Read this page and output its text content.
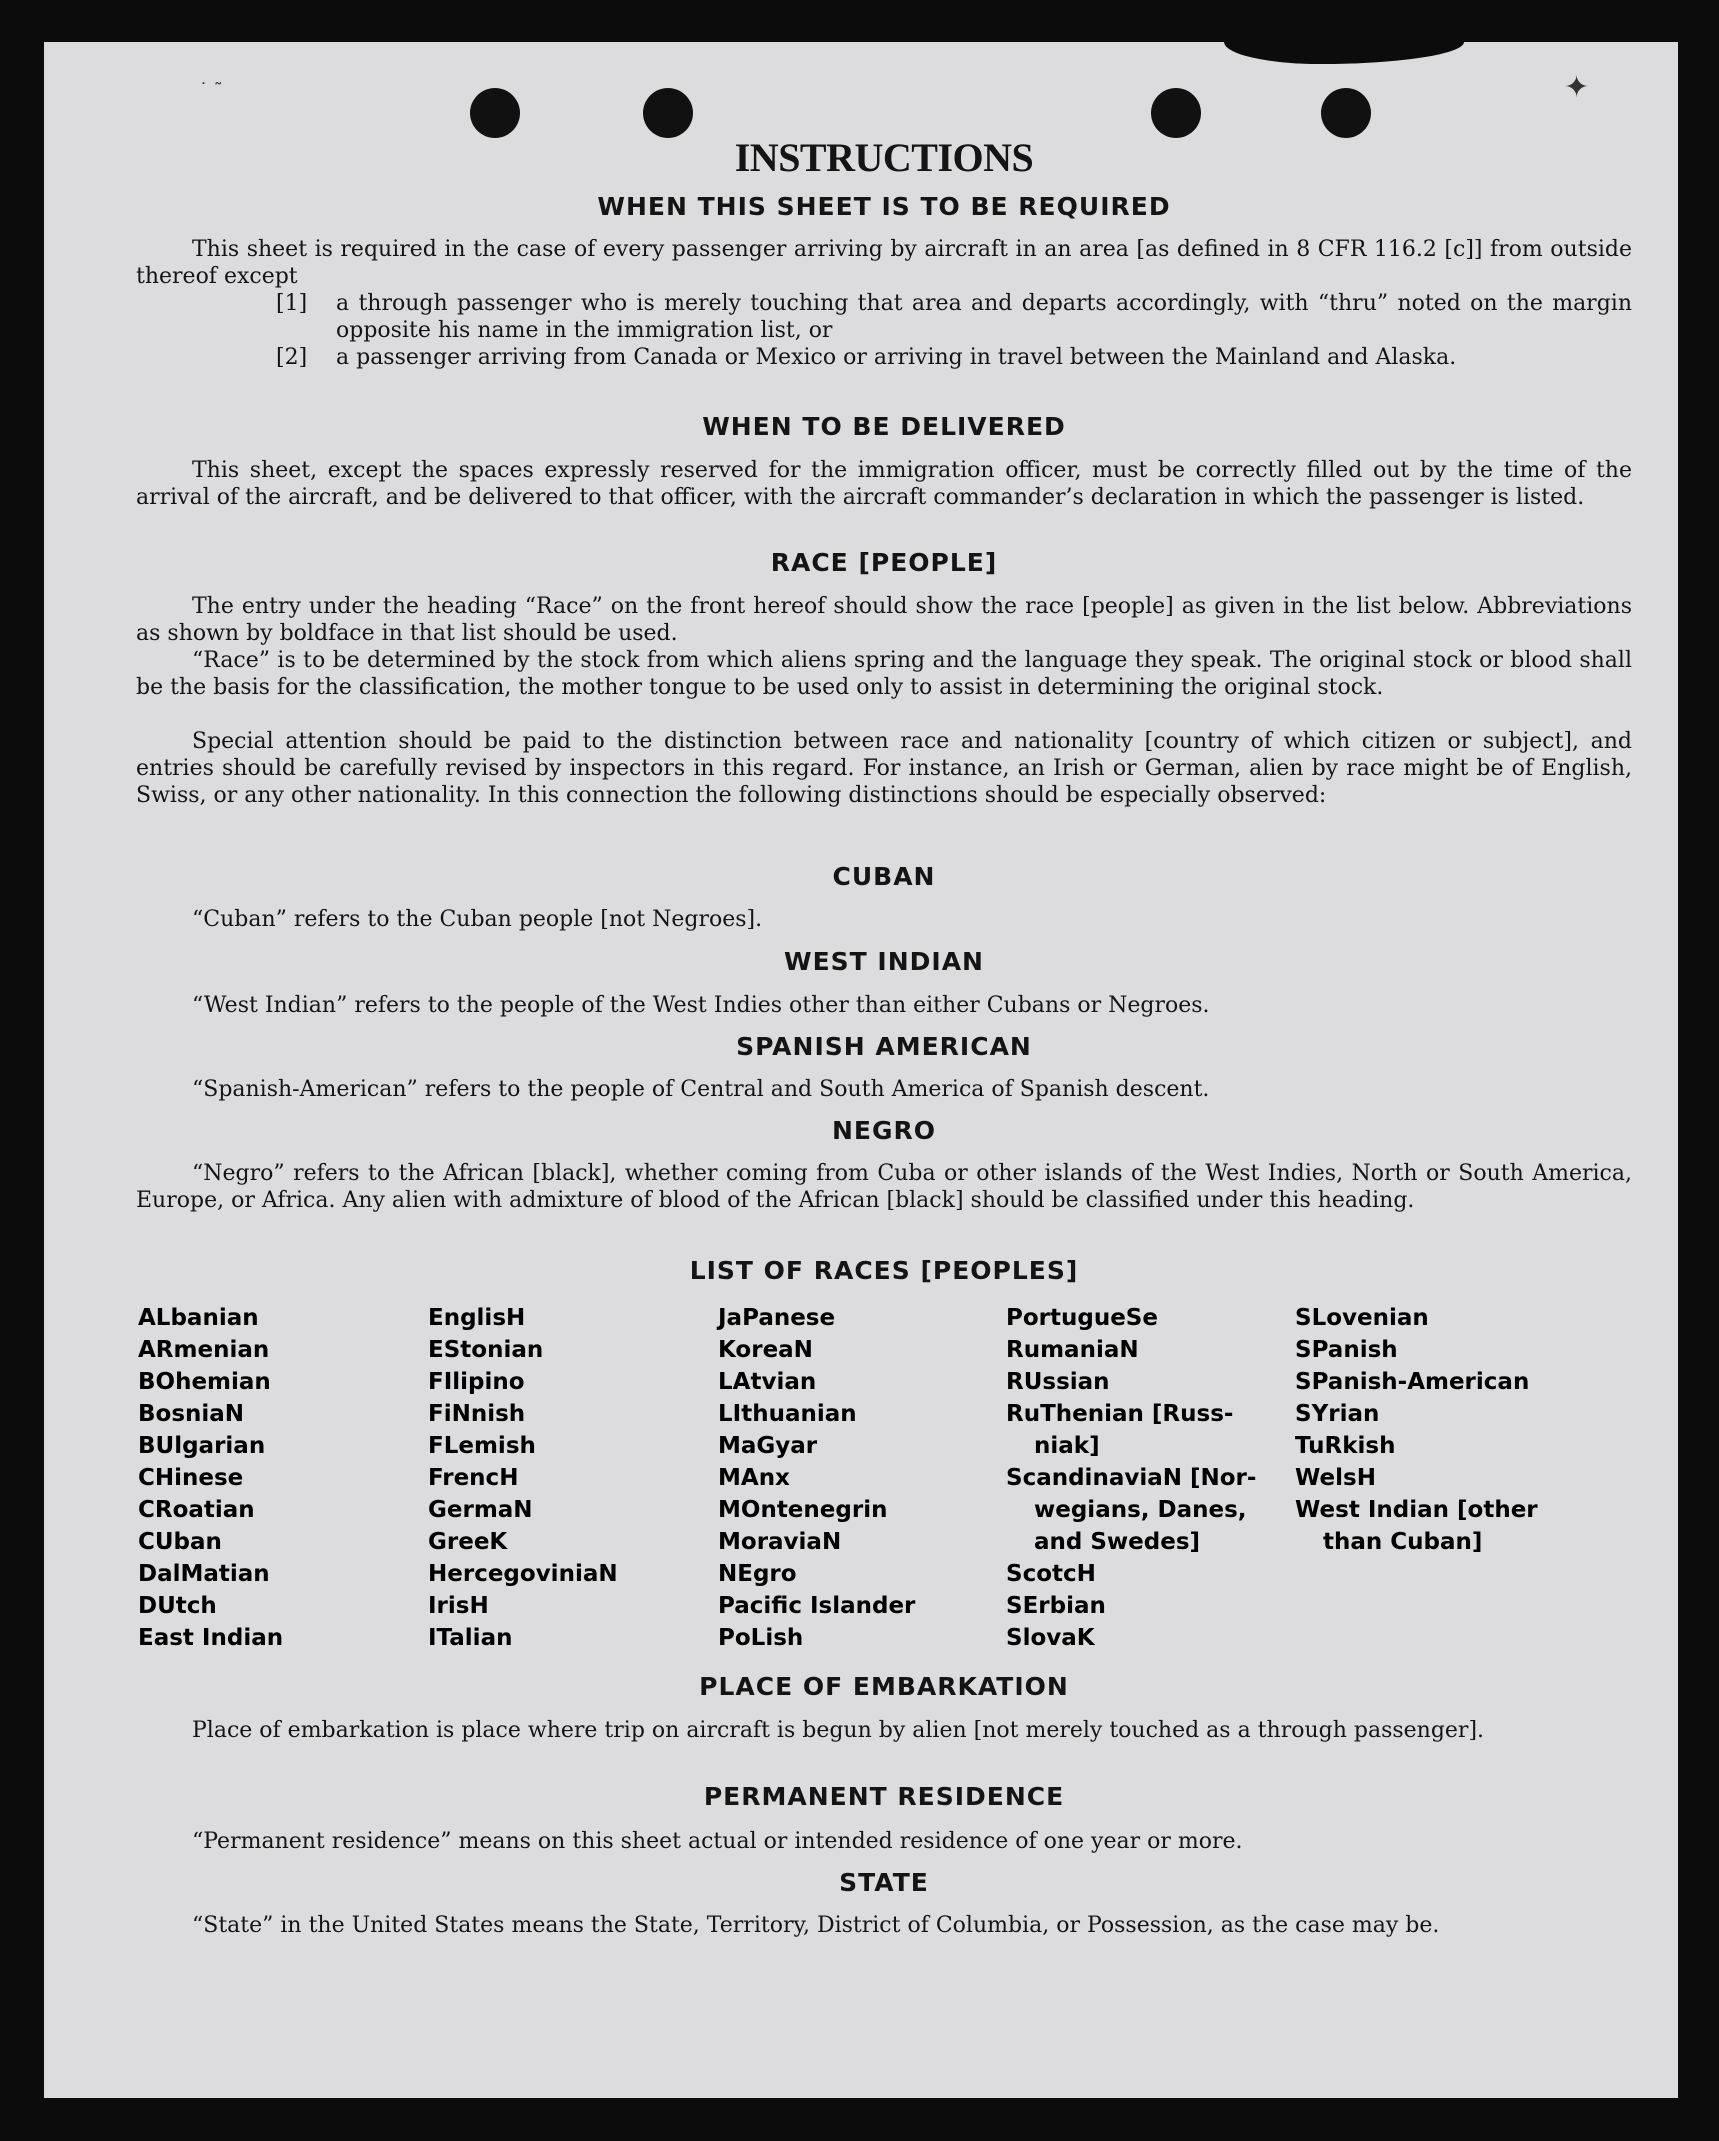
✦
˙ ˜
INSTRUCTIONS
WHEN THIS SHEET IS TO BE REQUIRED
This sheet is required in the case of every passenger arriving by aircraft in an area [as defined in 8 CFR 116.2 [c]] from outside thereof except
[1] a through passenger who is merely touching that area and departs accordingly, with “thru” noted on the margin opposite his name in the immigration list, or
[2] a passenger arriving from Canada or Mexico or arriving in travel between the Mainland and Alaska.
WHEN TO BE DELIVERED
This sheet, except the spaces expressly reserved for the immigration officer, must be correctly filled out by the time of the arrival of the aircraft, and be delivered to that officer, with the aircraft commander’s declaration in which the passenger is listed.
RACE [PEOPLE]
The entry under the heading “Race” on the front hereof should show the race [people] as given in the list below. Abbreviations as shown by boldface in that list should be used.
“Race” is to be determined by the stock from which aliens spring and the language they speak. The original stock or blood shall be the basis for the classification, the mother tongue to be used only to assist in determining the original stock.
Special attention should be paid to the distinction between race and nationality [country of which citizen or subject], and entries should be carefully revised by inspectors in this regard. For instance, an Irish or German, alien by race might be of English, Swiss, or any other nationality. In this connection the following distinctions should be especially observed:
CUBAN
“Cuban” refers to the Cuban people [not Negroes].
WEST INDIAN
“West Indian” refers to the people of the West Indies other than either Cubans or Negroes.
SPANISH AMERICAN
“Spanish-American” refers to the people of Central and South America of Spanish descent.
NEGRO
“Negro” refers to the African [black], whether coming from Cuba or other islands of the West Indies, North or South America, Europe, or Africa. Any alien with admixture of blood of the African [black] should be classified under this heading.
LIST OF RACES [PEOPLES]
PLACE OF EMBARKATION
Place of embarkation is place where trip on aircraft is begun by alien [not merely touched as a through passenger].
PERMANENT RESIDENCE
“Permanent residence” means on this sheet actual or intended residence of one year or more.
STATE
“State” in the United States means the State, Territory, District of Columbia, or Possession, as the case may be.
ALbanian
ARmenian
BOhemian
BosniaN
BUlgarian
CHinese
CRoatian
CUban
DalMatian
DUtch
East Indian
EnglisH
EStonian
FIlipino
FiNnish
FLemish
FrencH
GermaN
GreeK
HercegoviniaN
IrisH
ITalian
JaPanese
KoreaN
LAtvian
LIthuanian
MaGyar
MAnx
MOntenegrin
MoraviaN
NEgro
Pacific Islander
PoLish
PortugueSe
RumaniaN
RUssian
RuThenian [Russ-
niak]
ScandinaviaN [Nor-
wegians, Danes,
and Swedes]
ScotcH
SErbian
SlovaK
SLovenian
SPanish
SPanish-American
SYrian
TuRkish
WelsH
West Indian [other
than Cuban]
